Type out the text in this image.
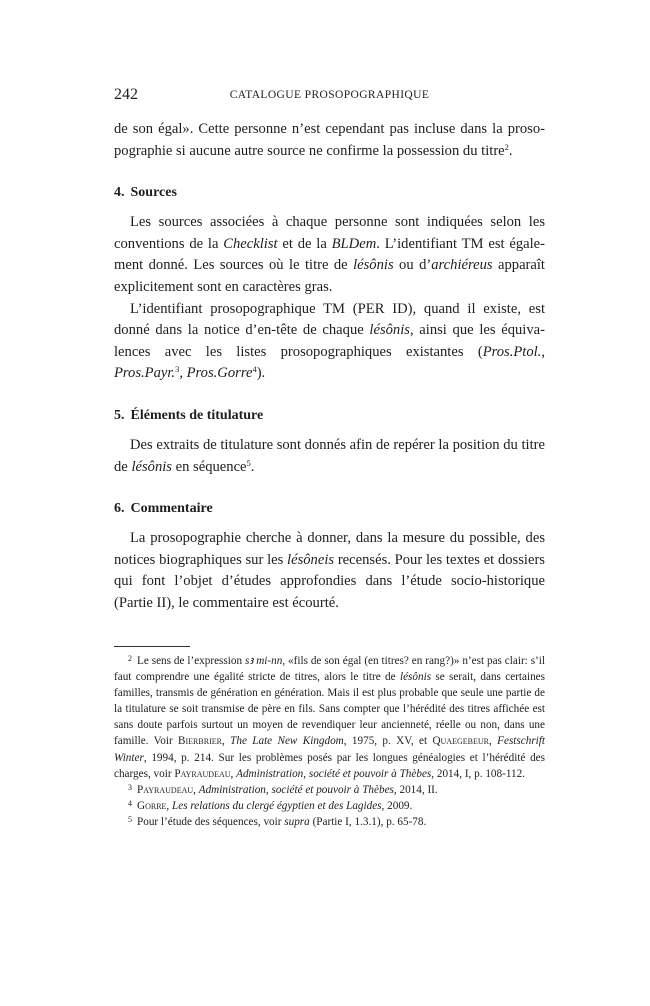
242	CATALOGUE PROSOPOGRAPHIQUE

de son égal». Cette personne n’est cependant pas incluse dans la proso-pographie si aucune autre source ne confirme la possession du titre$^2$.

4. Sources

Les sources associées à chaque personne sont indiquées selon les conventions de la Checklist et de la BLDem. L’identifiant TM est égale-ment donné. Les sources où le titre de lésônis ou d’archiéreus apparaît explicitement sont en caractères gras.

L’identifiant prosopographique TM (PER ID), quand il existe, est donné dans la notice d’en-tête de chaque lésônis, ainsi que les équiva-lences avec les listes prosopographiques existantes (Pros.Ptol., Pros.Payr.$^3$, Pros.Gorre$^4$).

5. Éléments de titulature

Des extraits de titulature sont donnés afin de repérer la position du titre de lésônis en séquence$^5$.

6. Commentaire

La prosopographie cherche à donner, dans la mesure du possible, des notices biographiques sur les lésôneis recensés. Pour les textes et dossiers qui font l’objet d’études approfondies dans l’étude socio-historique (Partie II), le commentaire est écourté.

$^2$ Le sens de l’expression sꜣ mi-nn, «fils de son égal (en titres? en rang?)» n’est pas clair: s’il faut comprendre une égalité stricte de titres, alors le titre de lésônis se serait, dans certaines familles, transmis de génération en génération. Mais il est plus probable que seule une partie de la titulature se soit transmise de père en fils. Sans compter que l’hérédité des titres affichée est sans doute parfois surtout un moyen de revendiquer leur ancienneté, réelle ou non, dans une famille. Voir Bierbrier, The Late New Kingdom, 1975, p. XV, et Quaegebeur, Festschrift Winter, 1994, p. 214. Sur les problèmes posés par les longues généalogies et l’hérédité des charges, voir Payraudeau, Administration, société et pouvoir à Thèbes, 2014, I, p. 108-112.

$^3$ Payraudeau, Administration, société et pouvoir à Thèbes, 2014, II.

$^4$ Gorre, Les relations du clergé égyptien et des Lagides, 2009.

$^5$ Pour l’étude des séquences, voir supra (Partie I, 1.3.1), p. 65-78.
